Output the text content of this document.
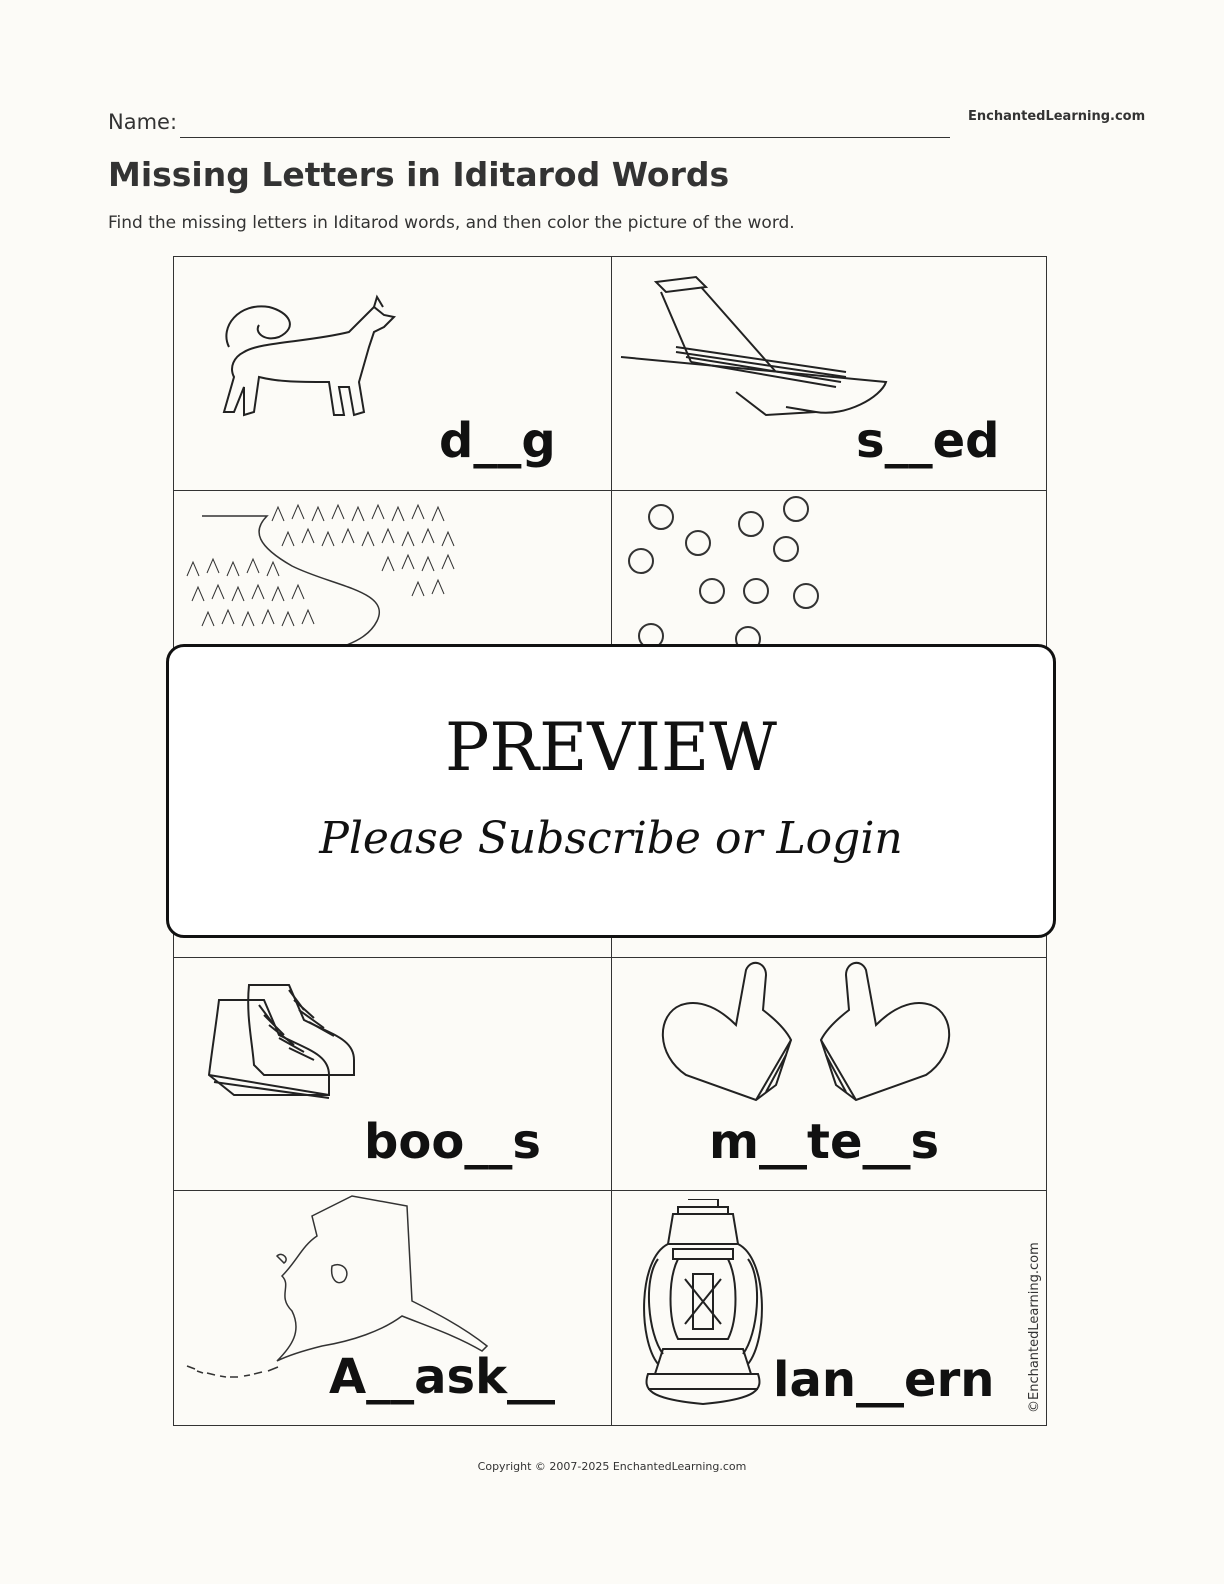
Name:	EnchantedLearning.com
Missing Letters in Iditarod Words
Find the missing letters in Iditarod words, and then color the picture of the word.
d__g	s__ed
boo__s	m__te__s
A__ask__	lan__ern	©EnchantedLearning.com
PREVIEW
Please Subscribe or Login
Copyright © 2007-2025 EnchantedLearning.com
